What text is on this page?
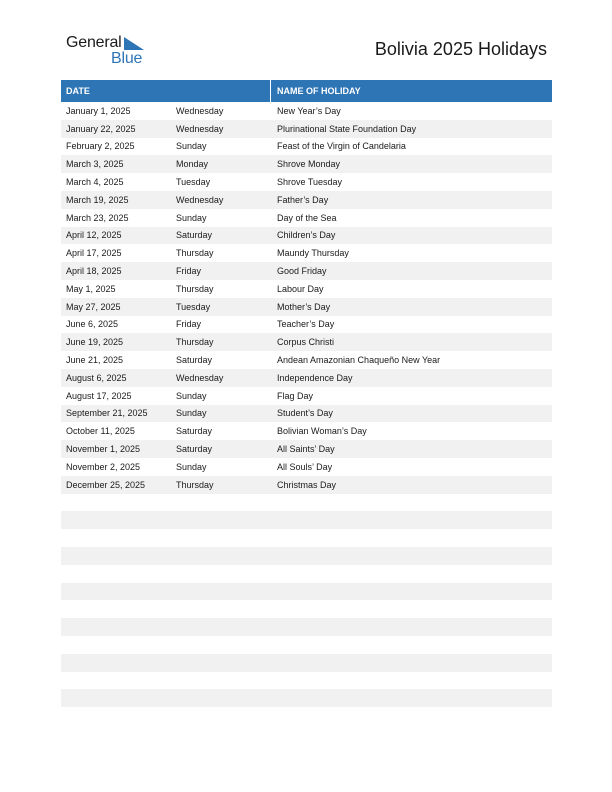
General
Blue	Bolivia 2025 Holidays
DATE	NAME OF HOLIDAY
January 1, 2025	Wednesday	New Year’s Day
January 22, 2025	Wednesday	Plurinational State Foundation Day
February 2, 2025	Sunday	Feast of the Virgin of Candelaria
March 3, 2025	Monday	Shrove Monday
March 4, 2025	Tuesday	Shrove Tuesday
March 19, 2025	Wednesday	Father’s Day
March 23, 2025	Sunday	Day of the Sea
April 12, 2025	Saturday	Children’s Day
April 17, 2025	Thursday	Maundy Thursday
April 18, 2025	Friday	Good Friday
May 1, 2025	Thursday	Labour Day
May 27, 2025	Tuesday	Mother’s Day
June 6, 2025	Friday	Teacher’s Day
June 19, 2025	Thursday	Corpus Christi
June 21, 2025	Saturday	Andean Amazonian Chaqueño New Year
August 6, 2025	Wednesday	Independence Day
August 17, 2025	Sunday	Flag Day
September 21, 2025	Sunday	Student’s Day
October 11, 2025	Saturday	Bolivian Woman’s Day
November 1, 2025	Saturday	All Saints’ Day
November 2, 2025	Sunday	All Souls’ Day
December 25, 2025	Thursday	Christmas Day
